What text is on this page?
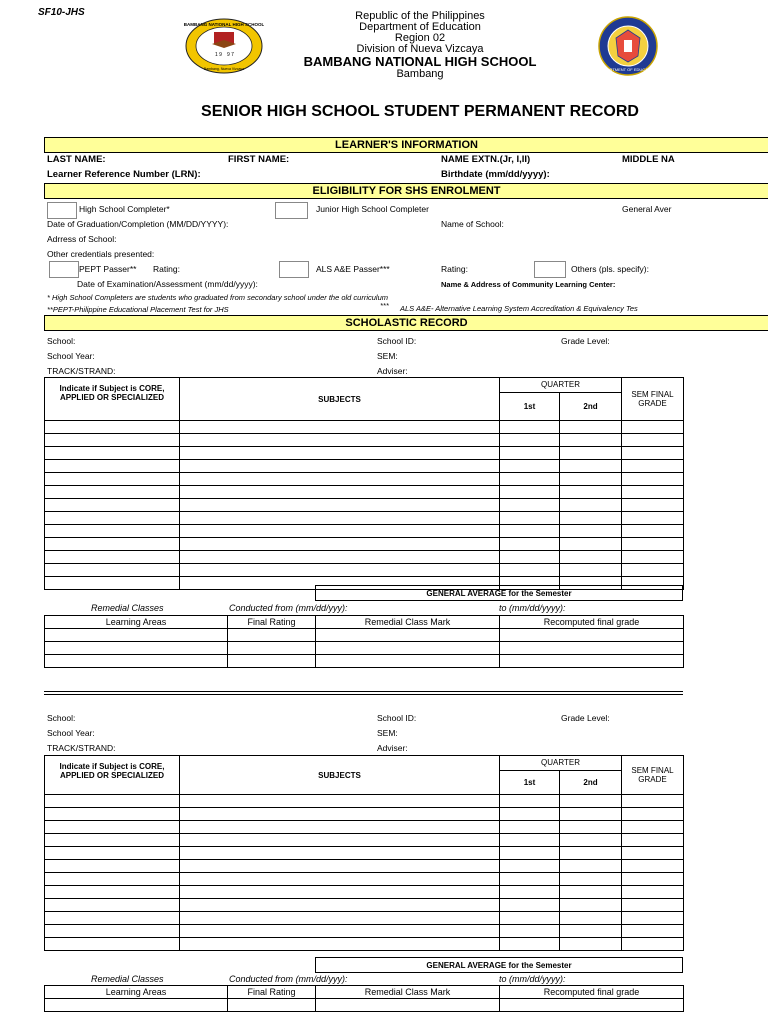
SF10-JHS
BAMBANG NATIONAL HIGH SCHOOL
1 9 9 7
Bambang, Nueva Vizcaya	DEPARTMENT OF EDUCATION
Republic of the Philippines
Department of Education
Region 02
Division of Nueva Vizcaya
BAMBANG NATIONAL HIGH SCHOOL
Bambang
SENIOR HIGH SCHOOL STUDENT PERMANENT RECORD
LEARNER'S INFORMATION
LAST NAME:	FIRST NAME:	NAME EXTN.(Jr, I,II)	MIDDLE NA
Learner Reference Number (LRN):	Birthdate (mm/dd/yyyy):
ELIGIBILITY FOR SHS ENROLMENT
High School Completer*	Junior High School Completer	General Aver
Date of Graduation/Completion (MM/DD/YYYY):	Name of School:
Adrress of School:
Other credentials presented:
PEPT Passer** Rating:	ALS A&E Passer***	Rating:	Others (pls. specify):
Date of Examination/Assessment (mm/dd/yyyy):	Name & Address of Community Learning Center:
* High School Completers are students who graduated from secondary school under the old curriculum
**PEPT-Philippine Educational Placement Test for JHS	*** ALS A&E- Alternative Learning System Accreditation & Equivalency Tes
SCHOLASTIC RECORD
School:	School ID:	Grade Level:
School Year:	SEM:
TRACK/STRAND:	Adviser:
Indicate if Subject is CORE, APPLIED OR SPECIALIZED	SUBJECTS	QUARTER		SEM FINAL GRADE
		1st	2nd	

GENERAL AVERAGE for the Semester
Remedial Classes	Conducted from (mm/dd/yyy):	to (mm/dd/yyyy):
Learning Areas	Final Rating	Remedial Class Mark	Recomputed final grade

School:	School ID:	Grade Level:
School Year:	SEM:
TRACK/STRAND:	Adviser:
Indicate if Subject is CORE, APPLIED OR SPECIALIZED	SUBJECTS	QUARTER		SEM FINAL GRADE
		1st	2nd	

GENERAL AVERAGE for the Semester
Remedial Classes	Conducted from (mm/dd/yyy):	to (mm/dd/yyyy):
Learning Areas	Final Rating	Remedial Class Mark	Recomputed final grade
